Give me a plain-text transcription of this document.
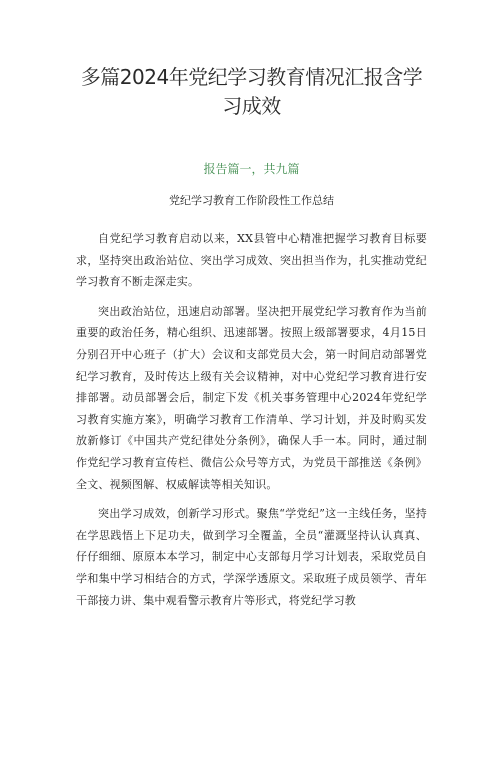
多篇2024年党纪学习教育情况汇报含学习成效
报告篇一，共九篇
党纪学习教育工作阶段性工作总结

自党纪学习教育启动以来，XX县管中心精准把握学习教育目标要求，坚持突出政治站位、突出学习成效、突出担当作为，扎实推动党纪学习教育不断走深走实。

突出政治站位，迅速启动部署。坚决把开展党纪学习教育作为当前重要的政治任务，精心组织、迅速部署。按照上级部署要求，4月15日分别召开中心班子（扩大）会议和支部党员大会，第一时间启动部署党纪学习教育，及时传达上级有关会议精神，对中心党纪学习教育进行安排部署。动员部署会后，制定下发《机关事务管理中心2024年党纪学习教育实施方案》，明确学习教育工作清单、学习计划，并及时购买发放新修订《中国共产党纪律处分条例》，确保人手一本。同时，通过制作党纪学习教育宣传栏、微信公众号等方式，为党员干部推送《条例》全文、视频图解、权威解读等相关知识。

突出学习成效，创新学习形式。聚焦“学党纪”这一主线任务，坚持在学思践悟上下足功夫，做到学习全覆盖，全员“灌溉坚持认认真真、仔仔细细、原原本本学习，制定中心支部每月学习计划表，采取党员自学和集中学习相结合的方式，学深学透原文。采取班子成员领学、青年干部接力讲、集中观看警示教育片等形式，将党纪学习教
